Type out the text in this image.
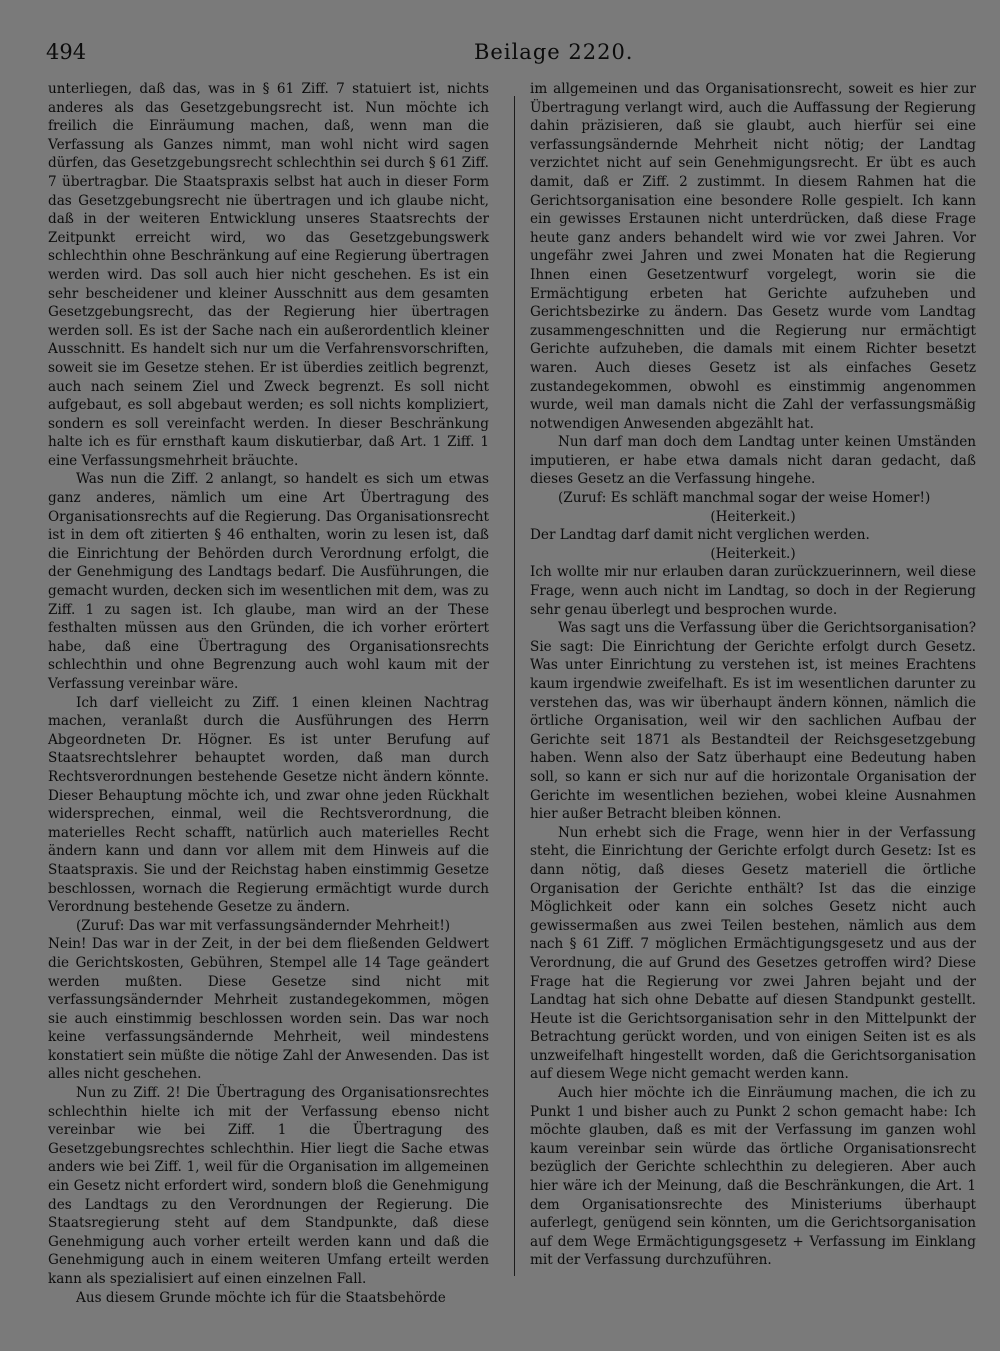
494	Beilage 2220.

unterliegen, daß das, was in § 61 Ziff. 7 statuiert ist, nichts anderes als das Gesetzgebungsrecht ist. Nun möchte ich freilich die Einräumung machen, daß, wenn man die Verfassung als Ganzes nimmt, man wohl nicht wird sagen dürfen, das Gesetzgebungsrecht schlechthin sei durch § 61 Ziff. 7 übertragbar. Die Staatspraxis selbst hat auch in dieser Form das Gesetzgebungsrecht nie übertragen und ich glaube nicht, daß in der weiteren Entwicklung unseres Staatsrechts der Zeitpunkt erreicht wird, wo das Gesetzgebungswerk schlechthin ohne Beschränkung auf eine Regierung übertragen werden wird. Das soll auch hier nicht geschehen. Es ist ein sehr bescheidener und kleiner Ausschnitt aus dem gesamten Gesetzgebungsrecht, das der Regierung hier übertragen werden soll. Es ist der Sache nach ein außerordentlich kleiner Ausschnitt. Es handelt sich nur um die Verfahrensvorschriften, soweit sie im Gesetze stehen. Er ist überdies zeitlich begrenzt, auch nach seinem Ziel und Zweck begrenzt. Es soll nicht aufgebaut, es soll abgebaut werden; es soll nichts kompliziert, sondern es soll vereinfacht werden. In dieser Beschränkung halte ich es für ernsthaft kaum diskutierbar, daß Art. 1 Ziff. 1 eine Verfassungsmehrheit bräuchte.

Was nun die Ziff. 2 anlangt, so handelt es sich um etwas ganz anderes, nämlich um eine Art Übertragung des Organisationsrechts auf die Regierung. Das Organisationsrecht ist in dem oft zitierten § 46 enthalten, worin zu lesen ist, daß die Einrichtung der Behörden durch Verordnung erfolgt, die der Genehmigung des Landtags bedarf. Die Ausführungen, die gemacht wurden, decken sich im wesentlichen mit dem, was zu Ziff. 1 zu sagen ist. Ich glaube, man wird an der These festhalten müssen aus den Gründen, die ich vorher erörtert habe, daß eine Übertragung des Organisationsrechts schlechthin und ohne Begrenzung auch wohl kaum mit der Verfassung vereinbar wäre.

Ich darf vielleicht zu Ziff. 1 einen kleinen Nachtrag machen, veranlaßt durch die Ausführungen des Herrn Abgeordneten Dr. Högner. Es ist unter Berufung auf Staatsrechtslehrer behauptet worden, daß man durch Rechtsverordnungen bestehende Gesetze nicht ändern könnte. Dieser Behauptung möchte ich, und zwar ohne jeden Rückhalt widersprechen, einmal, weil die Rechtsverordnung, die materielles Recht schafft, natürlich auch materielles Recht ändern kann und dann vor allem mit dem Hinweis auf die Staatspraxis. Sie und der Reichstag haben einstimmig Gesetze beschlossen, wornach die Regierung ermächtigt wurde durch Verordnung bestehende Gesetze zu ändern.

(Zuruf: Das war mit verfassungsändernder Mehrheit!)

Nein! Das war in der Zeit, in der bei dem fließenden Geldwert die Gerichtskosten, Gebühren, Stempel alle 14 Tage geändert werden mußten. Diese Gesetze sind nicht mit verfassungsändernder Mehrheit zustandegekommen, mögen sie auch einstimmig beschlossen worden sein. Das war noch keine verfassungsändernde Mehrheit, weil mindestens konstatiert sein müßte die nötige Zahl der Anwesenden. Das ist alles nicht geschehen.

Nun zu Ziff. 2! Die Übertragung des Organisationsrechtes schlechthin hielte ich mit der Verfassung ebenso nicht vereinbar wie bei Ziff. 1 die Übertragung des Gesetzgebungsrechtes schlechthin. Hier liegt die Sache etwas anders wie bei Ziff. 1, weil für die Organisation im allgemeinen ein Gesetz nicht erfordert wird, sondern bloß die Genehmigung des Landtags zu den Verordnungen der Regierung. Die Staatsregierung steht auf dem Standpunkte, daß diese Genehmigung auch vorher erteilt werden kann und daß die Genehmigung auch in einem weiteren Umfang erteilt werden kann als spezialisiert auf einen einzelnen Fall.

Aus diesem Grunde möchte ich für die Staatsbehörde

im allgemeinen und das Organisationsrecht, soweit es hier zur Übertragung verlangt wird, auch die Auffassung der Regierung dahin präzisieren, daß sie glaubt, auch hierfür sei eine verfassungsändernde Mehrheit nicht nötig; der Landtag verzichtet nicht auf sein Genehmigungsrecht. Er übt es auch damit, daß er Ziff. 2 zustimmt. In diesem Rahmen hat die Gerichtsorganisation eine besondere Rolle gespielt. Ich kann ein gewisses Erstaunen nicht unterdrücken, daß diese Frage heute ganz anders behandelt wird wie vor zwei Jahren. Vor ungefähr zwei Jahren und zwei Monaten hat die Regierung Ihnen einen Gesetzentwurf vorgelegt, worin sie die Ermächtigung erbeten hat Gerichte aufzuheben und Gerichtsbezirke zu ändern. Das Gesetz wurde vom Landtag zusammengeschnitten und die Regierung nur ermächtigt Gerichte aufzuheben, die damals mit einem Richter besetzt waren. Auch dieses Gesetz ist als einfaches Gesetz zustandegekommen, obwohl es einstimmig angenommen wurde, weil man damals nicht die Zahl der verfassungsmäßig notwendigen Anwesenden abgezählt hat.

Nun darf man doch dem Landtag unter keinen Umständen imputieren, er habe etwa damals nicht daran gedacht, daß dieses Gesetz an die Verfassung hingehe.

(Zuruf: Es schläft manchmal sogar der weise Homer!)

(Heiterkeit.)

Der Landtag darf damit nicht verglichen werden.

(Heiterkeit.)

Ich wollte mir nur erlauben daran zurückzuerinnern, weil diese Frage, wenn auch nicht im Landtag, so doch in der Regierung sehr genau überlegt und besprochen wurde.

Was sagt uns die Verfassung über die Gerichtsorganisation? Sie sagt: Die Einrichtung der Gerichte erfolgt durch Gesetz. Was unter Einrichtung zu verstehen ist, ist meines Erachtens kaum irgendwie zweifelhaft. Es ist im wesentlichen darunter zu verstehen das, was wir überhaupt ändern können, nämlich die örtliche Organisation, weil wir den sachlichen Aufbau der Gerichte seit 1871 als Bestandteil der Reichsgesetzgebung haben. Wenn also der Satz überhaupt eine Bedeutung haben soll, so kann er sich nur auf die horizontale Organisation der Gerichte im wesentlichen beziehen, wobei kleine Ausnahmen hier außer Betracht bleiben können.

Nun erhebt sich die Frage, wenn hier in der Verfassung steht, die Einrichtung der Gerichte erfolgt durch Gesetz: Ist es dann nötig, daß dieses Gesetz materiell die örtliche Organisation der Gerichte enthält? Ist das die einzige Möglichkeit oder kann ein solches Gesetz nicht auch gewissermaßen aus zwei Teilen bestehen, nämlich aus dem nach § 61 Ziff. 7 möglichen Ermächtigungsgesetz und aus der Verordnung, die auf Grund des Gesetzes getroffen wird? Diese Frage hat die Regierung vor zwei Jahren bejaht und der Landtag hat sich ohne Debatte auf diesen Standpunkt gestellt. Heute ist die Gerichtsorganisation sehr in den Mittelpunkt der Betrachtung gerückt worden, und von einigen Seiten ist es als unzweifelhaft hingestellt worden, daß die Gerichtsorganisation auf diesem Wege nicht gemacht werden kann.

Auch hier möchte ich die Einräumung machen, die ich zu Punkt 1 und bisher auch zu Punkt 2 schon gemacht habe: Ich möchte glauben, daß es mit der Verfassung im ganzen wohl kaum vereinbar sein würde das örtliche Organisationsrecht bezüglich der Gerichte schlechthin zu delegieren. Aber auch hier wäre ich der Meinung, daß die Beschränkungen, die Art. 1 dem Organisationsrechte des Ministeriums überhaupt auferlegt, genügend sein könnten, um die Gerichtsorganisation auf dem Wege Ermächtigungsgesetz + Verfassung im Einklang mit der Verfassung durchzuführen.
